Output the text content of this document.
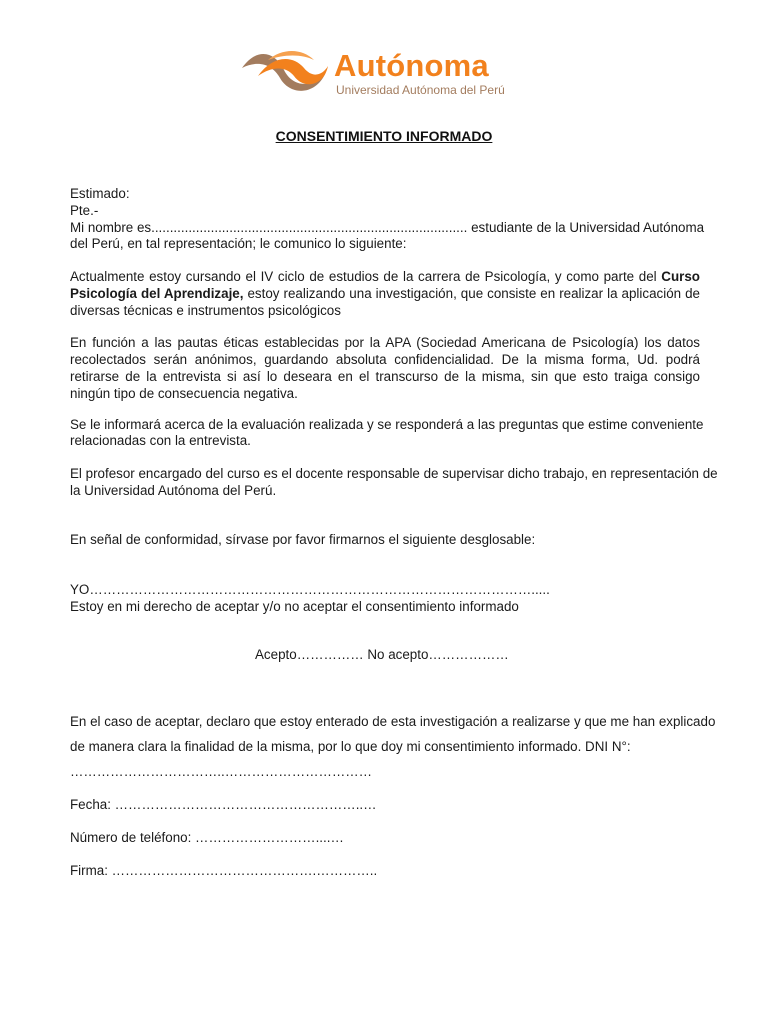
Autónoma
Universidad Autónoma del Perú
CONSENTIMIENTO INFORMADO
Estimado:
Pte.-
Mi nombre es..................................................................................... estudiante de la Universidad Autónoma
del Perú, en tal representación; le comunico lo siguiente:

Actualmente estoy cursando el IV ciclo de estudios de la carrera de Psicología, y como parte del Curso Psicología del Aprendizaje, estoy realizando una investigación, que consiste en realizar la aplicación de diversas técnicas e instrumentos psicológicos

En función a las pautas éticas establecidas por la APA (Sociedad Americana de Psicología) los datos recolectados serán anónimos, guardando absoluta confidencialidad. De la misma forma, Ud. podrá retirarse de la entrevista si así lo deseara en el transcurso de la misma, sin que esto traiga consigo ningún tipo de consecuencia negativa.

Se le informará acerca de la evaluación realizada y se responderá a las preguntas que estime conveniente
relacionadas con la entrevista.
El profesor encargado del curso es el docente responsable de supervisar dicho trabajo, en representación de
la Universidad Autónoma del Perú.
En señal de conformidad, sírvase por favor firmarnos el siguiente desglosable:
YO……………………………………………………………………………………….....
Estoy en mi derecho de aceptar y/o no aceptar el consentimiento informado
Acepto…………… No acepto………………
En el caso de aceptar, declaro que estoy enterado de esta investigación a realizarse y que me han explicado
de manera clara la finalidad de la misma, por lo que doy mi consentimiento informado. DNI N°:
……………………………..……………………………
Fecha: ………………………………………………..…
Número de teléfono: ………………………....…
Firma: ……………………………………….…………..
